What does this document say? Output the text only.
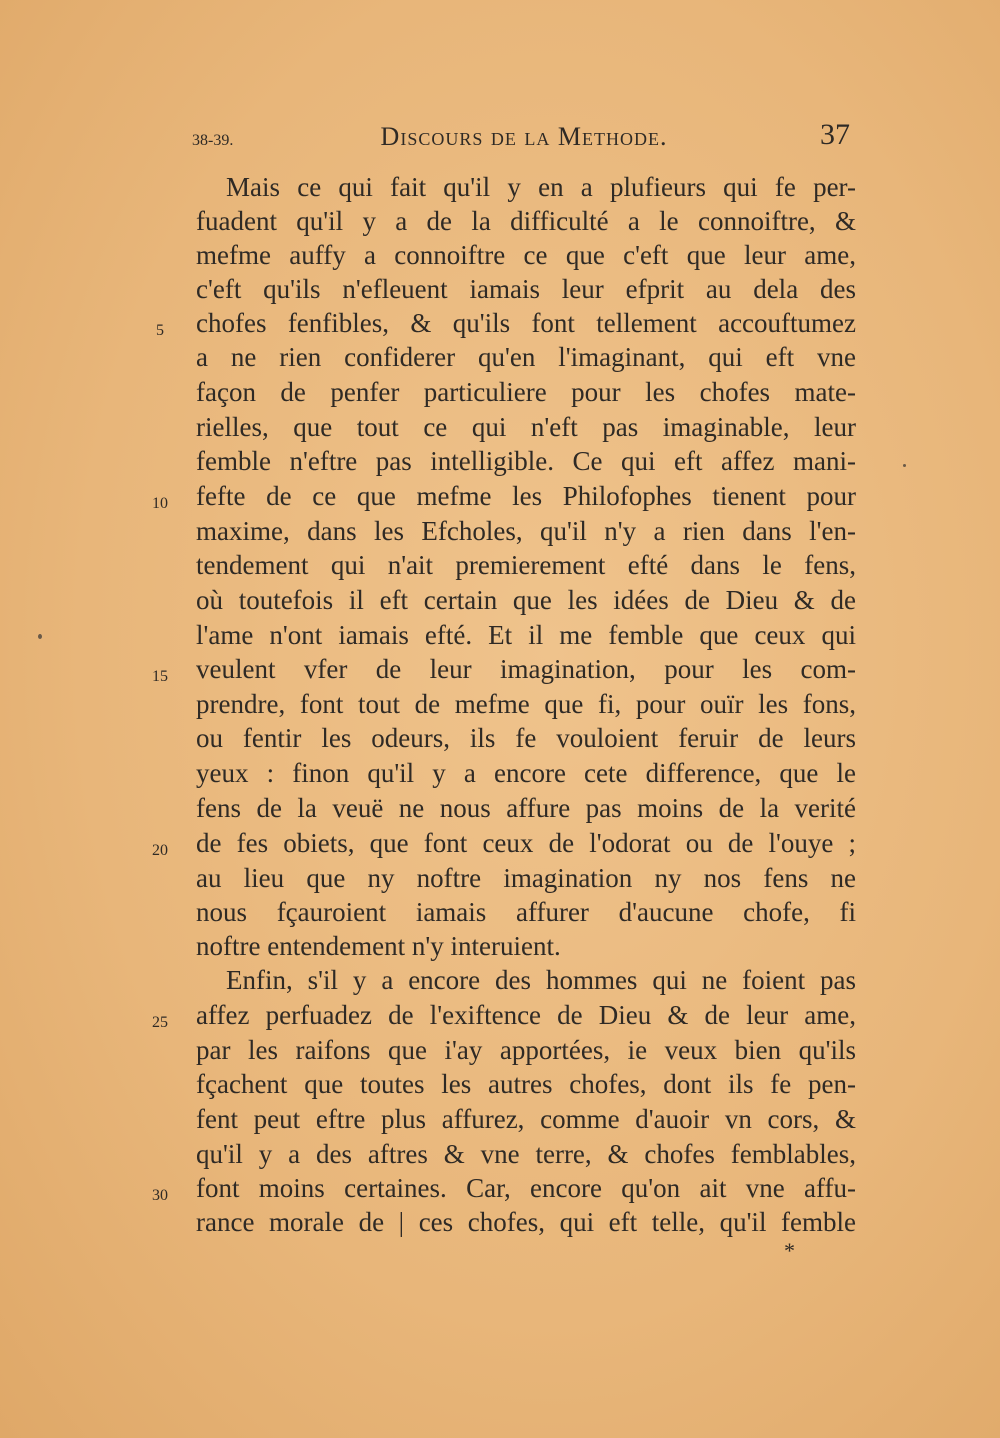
38-39.	Discours de la Methode.	37
Mais ce qui fait qu'il y en a plufieurs qui fe per-
fuadent qu'il y a de la difficulté a le connoiftre, &
mefme auffy a connoiftre ce que c'eft que leur ame,
c'eft qu'ils n'efleuent iamais leur efprit au dela des
chofes fenfibles, & qu'ils font tellement accouftumez
a ne rien confiderer qu'en l'imaginant, qui eft vne
façon de penfer particuliere pour les chofes mate-
rielles, que tout ce qui n'eft pas imaginable, leur
femble n'eftre pas intelligible. Ce qui eft affez mani-
fefte de ce que mefme les Philofophes tienent pour
maxime, dans les Efcholes, qu'il n'y a rien dans l'en-
tendement qui n'ait premierement efté dans le fens,
où toutefois il eft certain que les idées de Dieu & de
l'ame n'ont iamais efté. Et il me femble que ceux qui
veulent vfer de leur imagination, pour les com-
prendre, font tout de mefme que fi, pour ouïr les fons,
ou fentir les odeurs, ils fe vouloient feruir de leurs
yeux : finon qu'il y a encore cete difference, que le
fens de la veuë ne nous affure pas moins de la verité
de fes obiets, que font ceux de l'odorat ou de l'ouye ;
au lieu que ny noftre imagination ny nos fens ne
nous fçauroient iamais affurer d'aucune chofe, fi
noftre entendement n'y interuient.
Enfin, s'il y a encore des hommes qui ne foient pas
affez perfuadez de l'exiftence de Dieu & de leur ame,
par les raifons que i'ay apportées, ie veux bien qu'ils
fçachent que toutes les autres chofes, dont ils fe pen-
fent peut eftre plus affurez, comme d'auoir vn cors, &
qu'il y a des aftres & vne terre, & chofes femblables,
font moins certaines. Car, encore qu'on ait vne affu-
rance morale de | ces chofes, qui eft telle, qu'il femble
5
10
15
20
25
30
*
